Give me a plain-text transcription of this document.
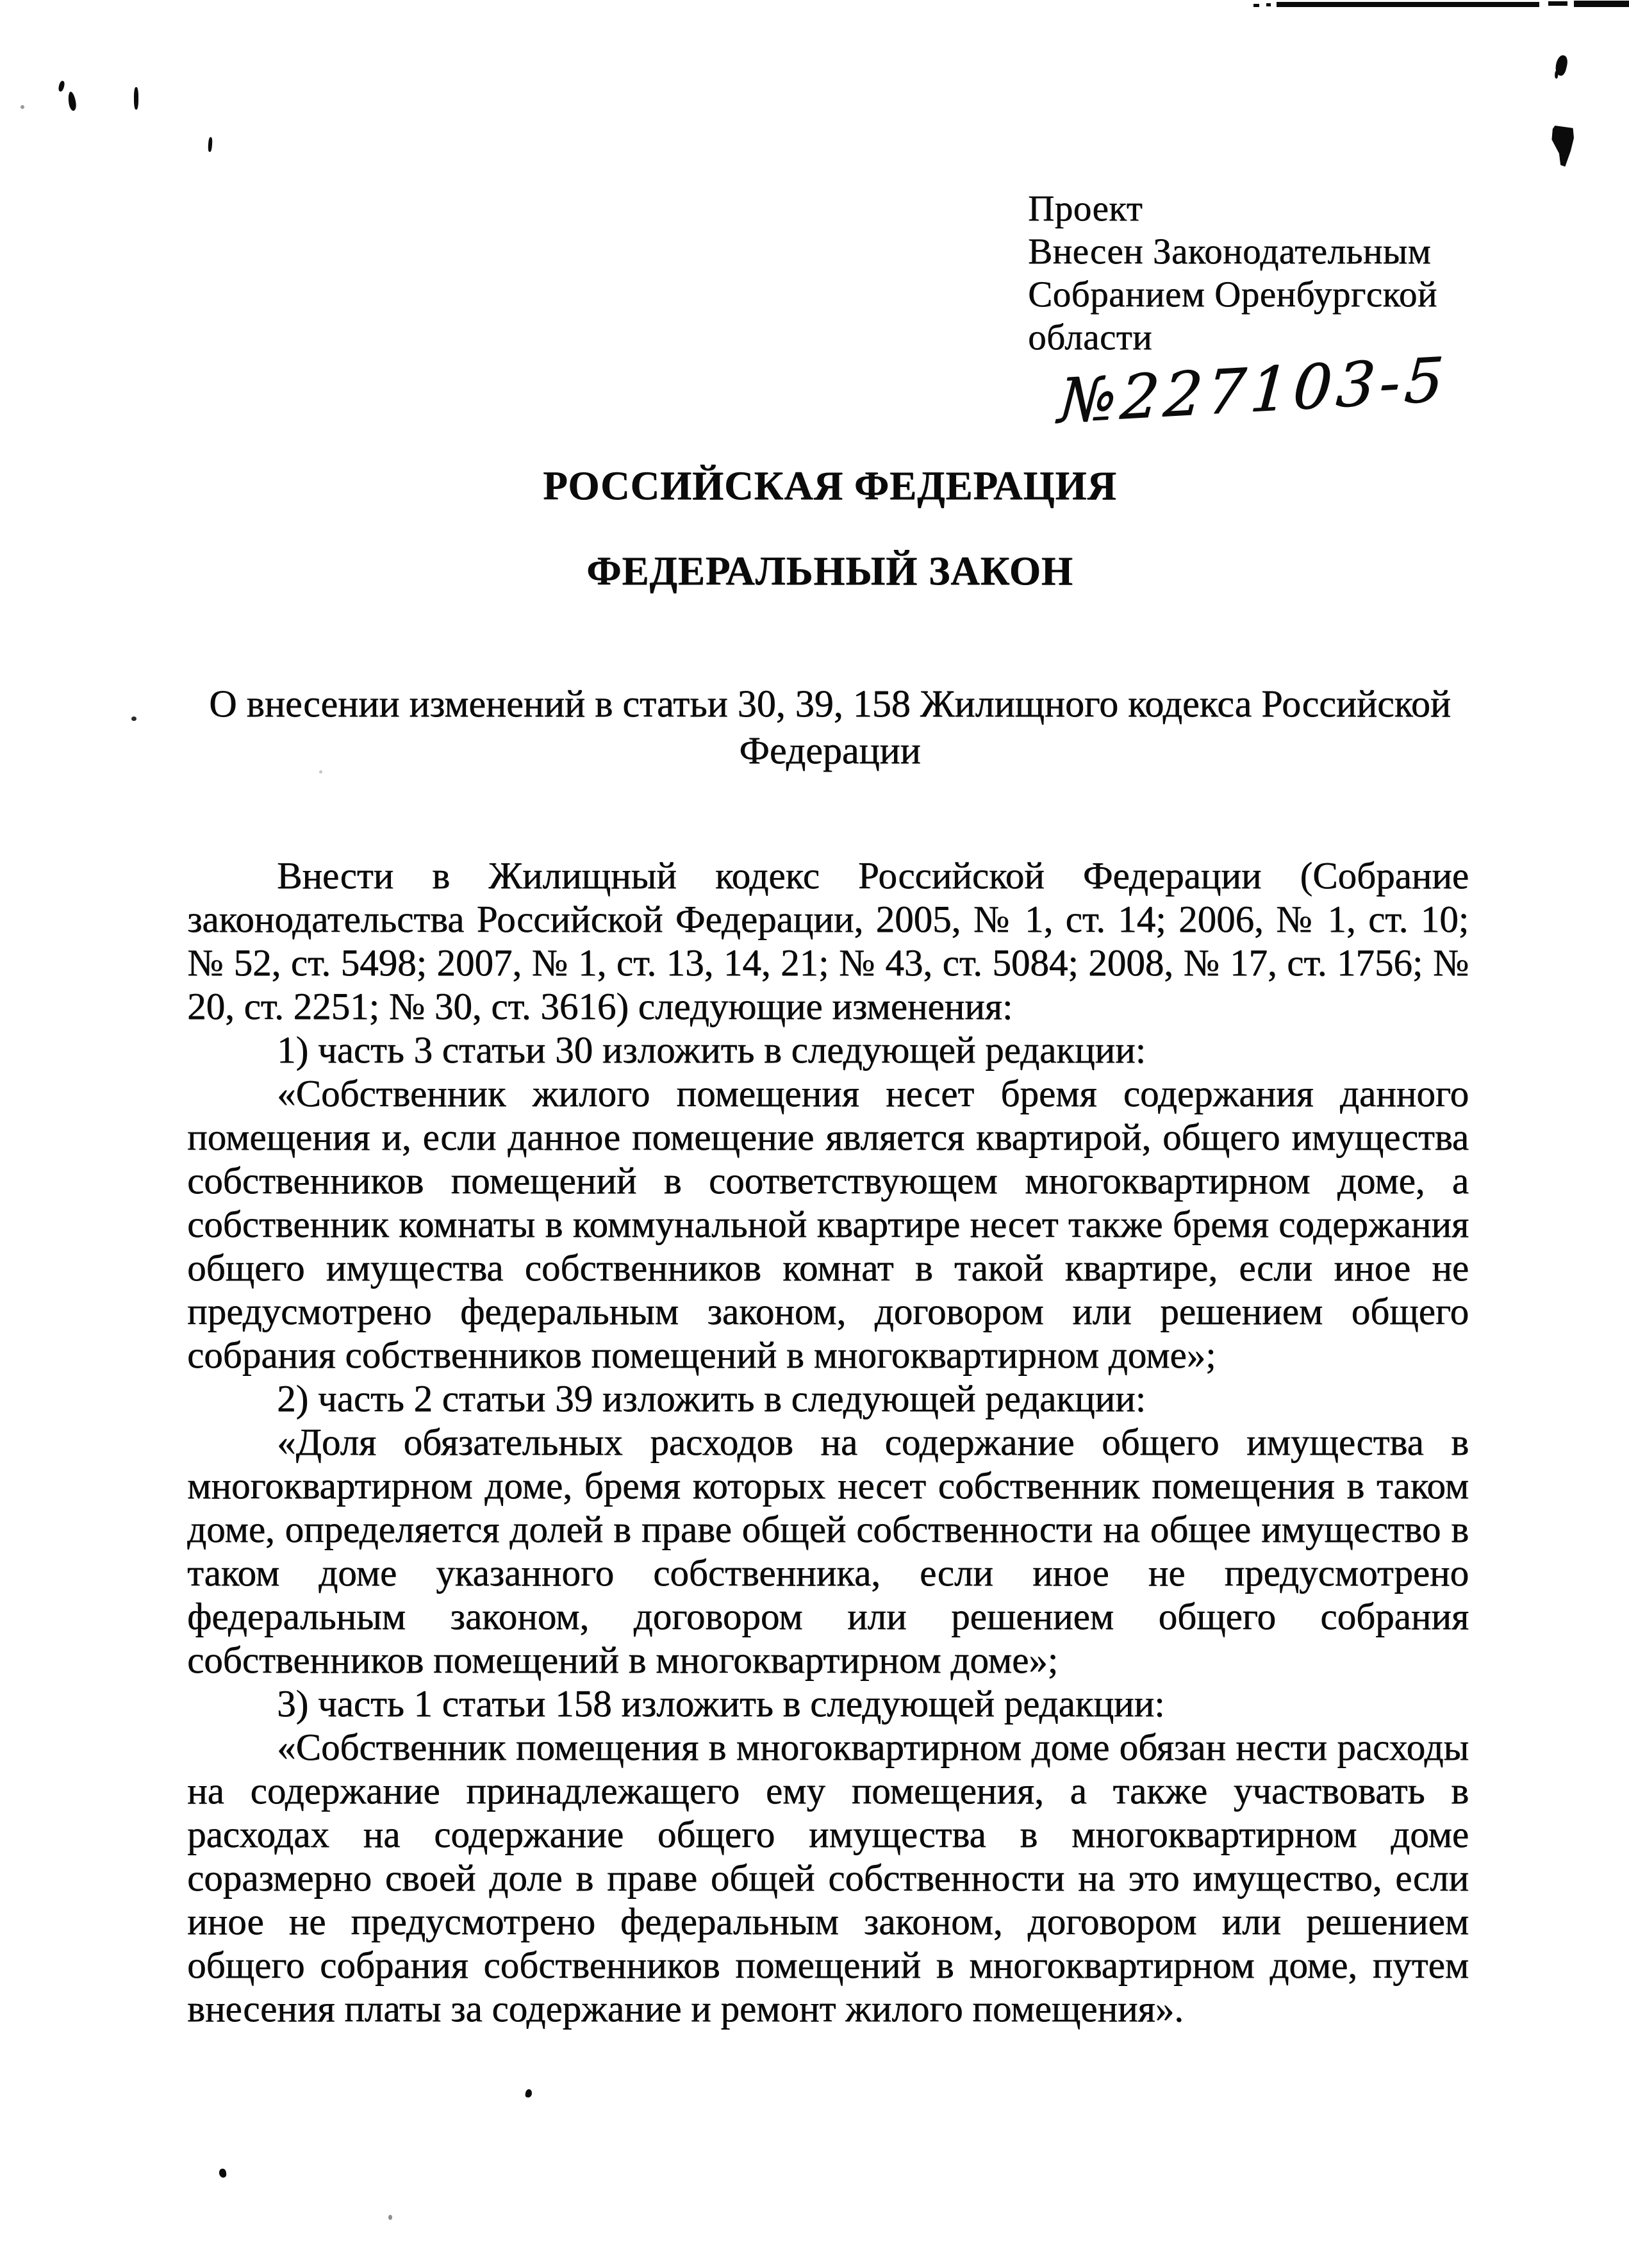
Проект
Внесен Законодательным
Собранием Оренбургской
области
№227103-5
РОССИЙСКАЯ ФЕДЕРАЦИЯ
ФЕДЕРАЛЬНЫЙ ЗАКОН
О внесении изменений в статьи 30, 39, 158 Жилищного кодекса Российской Федерации

Внести в Жилищный кодекс Российской Федерации (Собрание законодательства Российской Федерации, 2005, № 1, ст. 14; 2006, № 1, ст. 10; № 52, ст. 5498; 2007, № 1, ст. 13, 14, 21; № 43, ст. 5084; 2008, № 17, ст. 1756; № 20, ст. 2251; № 30, ст. 3616) следующие изменения:

1) часть 3 статьи 30 изложить в следующей редакции:

«Собственник жилого помещения несет бремя содержания данного помещения и, если данное помещение является квартирой, общего имущества собственников помещений в соответствующем многоквартирном доме, а собственник комнаты в коммунальной квартире несет также бремя содержания общего имущества собственников комнат в такой квартире, если иное не предусмотрено федеральным законом, договором или решением общего собрания собственников помещений в многоквартирном доме»;

2) часть 2 статьи 39 изложить в следующей редакции:

«Доля обязательных расходов на содержание общего имущества в многоквартирном доме, бремя которых несет собственник помещения в таком доме, определяется долей в праве общей собственности на общее имущество в таком доме указанного собственника, если иное не предусмотрено федеральным законом, договором или решением общего собрания собственников помещений в многоквартирном доме»;

3) часть 1 статьи 158 изложить в следующей редакции:

«Собственник помещения в многоквартирном доме обязан нести расходы на содержание принадлежащего ему помещения, а также участвовать в расходах на содержание общего имущества в многоквартирном доме соразмерно своей доле в праве общей собственности на это имущество, если иное не предусмотрено федеральным законом, договором или решением общего собрания собственников помещений в многоквартирном доме, путем внесения платы за содержание и ремонт жилого помещения».
